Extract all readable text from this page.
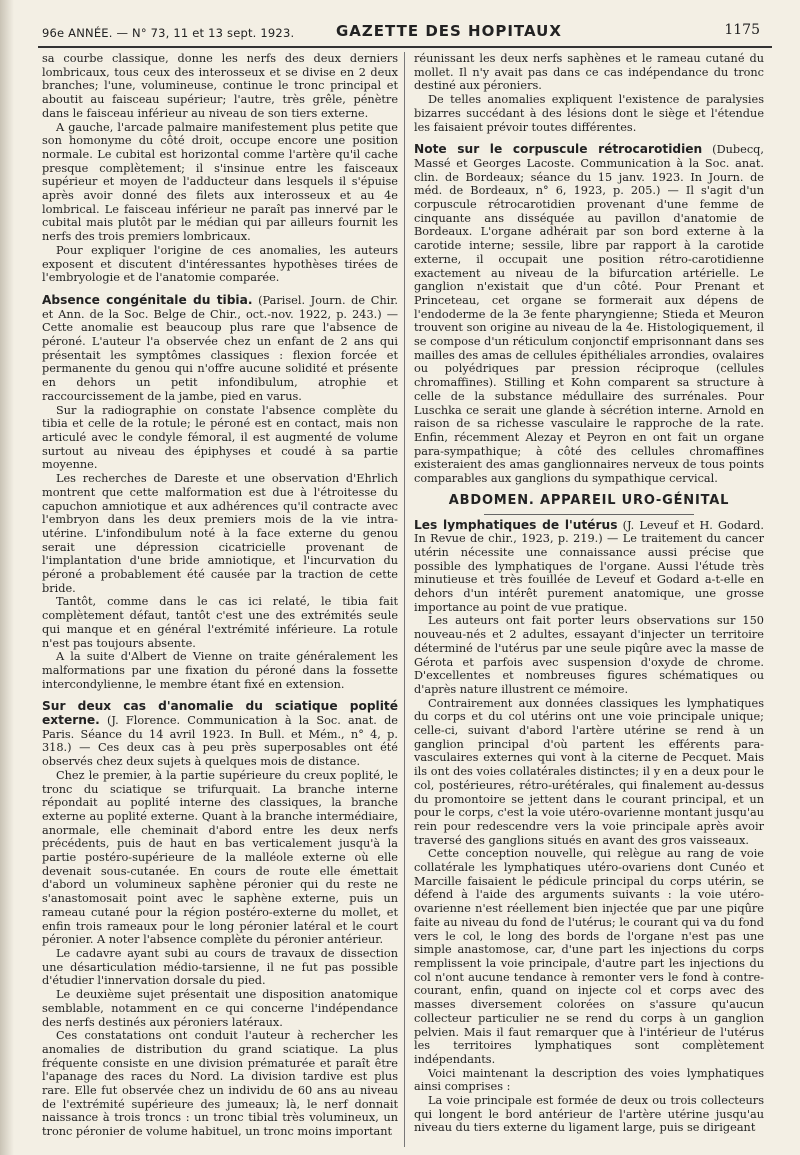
96e ANNÉE. — N° 73, 11 et 13 sept. 1923.	GAZETTE DES HOPITAUX	1175

sa courbe classique, donne les nerfs des deux derniers lombricaux, tous ceux des interosseux et se divise en 2 deux branches; l'une, volumineuse, continue le tronc principal et aboutit au faisceau supérieur; l'autre, très grêle, pénètre dans le faisceau inférieur au niveau de son tiers externe.

A gauche, l'arcade palmaire manifestement plus petite que son homonyme du côté droit, occupe encore une position normale. Le cubital est horizontal comme l'artère qu'il cache presque complètement; il s'insinue entre les faisceaux supérieur et moyen de l'adducteur dans lesquels il s'épuise après avoir donné des filets aux interosseux et au 4e lombrical. Le faisceau inférieur ne paraît pas innervé par le cubital mais plutôt par le médian qui par ailleurs fournit les nerfs des trois premiers lombricaux.

Pour expliquer l'origine de ces anomalies, les auteurs exposent et discutent d'intéressantes hypothèses tirées de l'embryologie et de l'anatomie comparée.

Absence congénitale du tibia. (Parisel. Journ. de Chir. et Ann. de la Soc. Belge de Chir., oct.-nov. 1922, p. 243.) — Cette anomalie est beaucoup plus rare que l'absence de péroné. L'auteur l'a observée chez un enfant de 2 ans qui présentait les symptômes classiques : flexion forcée et permanente du genou qui n'offre aucune solidité et présente en dehors un petit infondibulum, atrophie et raccourcissement de la jambe, pied en varus.

Sur la radiographie on constate l'absence complète du tibia et celle de la rotule; le péroné est en contact, mais non articulé avec le condyle fémoral, il est augmenté de volume surtout au niveau des épiphyses et coudé à sa partie moyenne.

Les recherches de Dareste et une observation d'Ehrlich montrent que cette malformation est due à l'étroitesse du capuchon amniotique et aux adhérences qu'il contracte avec l'embryon dans les deux premiers mois de la vie intra-utérine. L'infondibulum noté à la face externe du genou serait une dépression cicatricielle provenant de l'implantation d'une bride amniotique, et l'incurvation du péroné a probablement été causée par la traction de cette bride.

Tantôt, comme dans le cas ici relaté, le tibia fait complètement défaut, tantôt c'est une des extrémités seule qui manque et en général l'extrémité inférieure. La rotule n'est pas toujours absente.

A la suite d'Albert de Vienne on traite généralement les malformations par une fixation du péroné dans la fossette intercondylienne, le membre étant fixé en extension.

Sur deux cas d'anomalie du sciatique poplité externe. (J. Florence. Communication à la Soc. anat. de Paris. Séance du 14 avril 1923. In Bull. et Mém., n° 4, p. 318.) — Ces deux cas à peu près superposables ont été observés chez deux sujets à quelques mois de distance.

Chez le premier, à la partie supérieure du creux poplité, le tronc du sciatique se trifurquait. La branche interne répondait au poplité interne des classiques, la branche externe au poplité externe. Quant à la branche intermédiaire, anormale, elle cheminait d'abord entre les deux nerfs précédents, puis de haut en bas verticalement jusqu'à la partie postéro-supérieure de la malléole externe où elle devenait sous-cutanée. En cours de route elle émettait d'abord un volumineux saphène péronier qui du reste ne s'anastomosait point avec le saphène externe, puis un rameau cutané pour la région postéro-externe du mollet, et enfin trois rameaux pour le long péronier latéral et le court péronier. A noter l'absence complète du péronier antérieur.

Le cadavre ayant subi au cours de travaux de dissection une désarticulation médio-tarsienne, il ne fut pas possible d'étudier l'innervation dorsale du pied.

Le deuxième sujet présentait une disposition anatomique semblable, notamment en ce qui concerne l'indépendance des nerfs destinés aux péroniers latéraux.

Ces constatations ont conduit l'auteur à rechercher les anomalies de distribution du grand sciatique. La plus fréquente consiste en une division prématurée et paraît être l'apanage des races du Nord. La division tardive est plus rare. Elle fut observée chez un individu de 60 ans au niveau de l'extrémité supérieure des jumeaux; là, le nerf donnait naissance à trois troncs : un tronc tibial très volumineux, un tronc péronier de volume habituel, un tronc moins important

réunissant les deux nerfs saphènes et le rameau cutané du mollet. Il n'y avait pas dans ce cas indépendance du tronc destiné aux péroniers.

De telles anomalies expliquent l'existence de paralysies bizarres succédant à des lésions dont le siège et l'étendue les faisaient prévoir toutes différentes.

Note sur le corpuscule rétrocarotidien (Dubecq, Massé et Georges Lacoste. Communication à la Soc. anat. clin. de Bordeaux; séance du 15 janv. 1923. In Journ. de méd. de Bordeaux, n° 6, 1923, p. 205.) — Il s'agit d'un corpuscule rétrocarotidien provenant d'une femme de cinquante ans disséquée au pavillon d'anatomie de Bordeaux. L'organe adhérait par son bord externe à la carotide interne; sessile, libre par rapport à la carotide externe, il occupait une position rétro-carotidienne exactement au niveau de la bifurcation artérielle. Le ganglion n'existait que d'un côté. Pour Prenant et Princeteau, cet organe se formerait aux dépens de l'endoderme de la 3e fente pharyngienne; Stieda et Meuron trouvent son origine au niveau de la 4e. Histologiquement, il se compose d'un réticulum conjonctif emprisonnant dans ses mailles des amas de cellules épithéliales arrondies, ovalaires ou polyédriques par pression réciproque (cellules chromaffines). Stilling et Kohn comparent sa structure à celle de la substance médullaire des surrénales. Pour Luschka ce serait une glande à sécrétion interne. Arnold en raison de sa richesse vasculaire le rapproche de la rate. Enfin, récemment Alezay et Peyron en ont fait un organe para-sympathique; à côté des cellules chromaffines existeraient des amas ganglionnaires nerveux de tous points comparables aux ganglions du sympathique cervical.

ABDOMEN. APPAREIL URO-GÉNITAL

Les lymphatiques de l'utérus (J. Leveuf et H. Godard. In Revue de chir., 1923, p. 219.) — Le traitement du cancer utérin nécessite une connaissance aussi précise que possible des lymphatiques de l'organe. Aussi l'étude très minutieuse et très fouillée de Leveuf et Godard a-t-elle en dehors d'un intérêt purement anatomique, une grosse importance au point de vue pratique.

Les auteurs ont fait porter leurs observations sur 150 nouveau-nés et 2 adultes, essayant d'injecter un territoire déterminé de l'utérus par une seule piqûre avec la masse de Gérota et parfois avec suspension d'oxyde de chrome. D'excellentes et nombreuses figures schématiques ou d'après nature illustrent ce mémoire.

Contrairement aux données classiques les lymphatiques du corps et du col utérins ont une voie principale unique; celle-ci, suivant d'abord l'artère utérine se rend à un ganglion principal d'où partent les efférents para-vasculaires externes qui vont à la citerne de Pecquet. Mais ils ont des voies collatérales distinctes; il y en a deux pour le col, postérieures, rétro-urétérales, qui finalement au-dessus du promontoire se jettent dans le courant principal, et un pour le corps, c'est la voie utéro-ovarienne montant jusqu'au rein pour redescendre vers la voie principale après avoir traversé des ganglions situés en avant des gros vaisseaux.

Cette conception nouvelle, qui relègue au rang de voie collatérale les lymphatiques utéro-ovariens dont Cunéo et Marcille faisaient le pédicule principal du corps utérin, se défend à l'aide des arguments suivants : la voie utéro-ovarienne n'est réellement bien injectée que par une piqûre faite au niveau du fond de l'utérus; le courant qui va du fond vers le col, le long des bords de l'organe n'est pas une simple anastomose, car, d'une part les injections du corps remplissent la voie principale, d'autre part les injections du col n'ont aucune tendance à remonter vers le fond à contre-courant, enfin, quand on injecte col et corps avec des masses diversement colorées on s'assure qu'aucun collecteur particulier ne se rend du corps à un ganglion pelvien. Mais il faut remarquer que à l'intérieur de l'utérus les territoires lymphatiques sont complètement indépendants.

Voici maintenant la description des voies lymphatiques ainsi comprises :

La voie principale est formée de deux ou trois collecteurs qui longent le bord antérieur de l'artère utérine jusqu'au niveau du tiers externe du ligament large, puis se dirigeant
